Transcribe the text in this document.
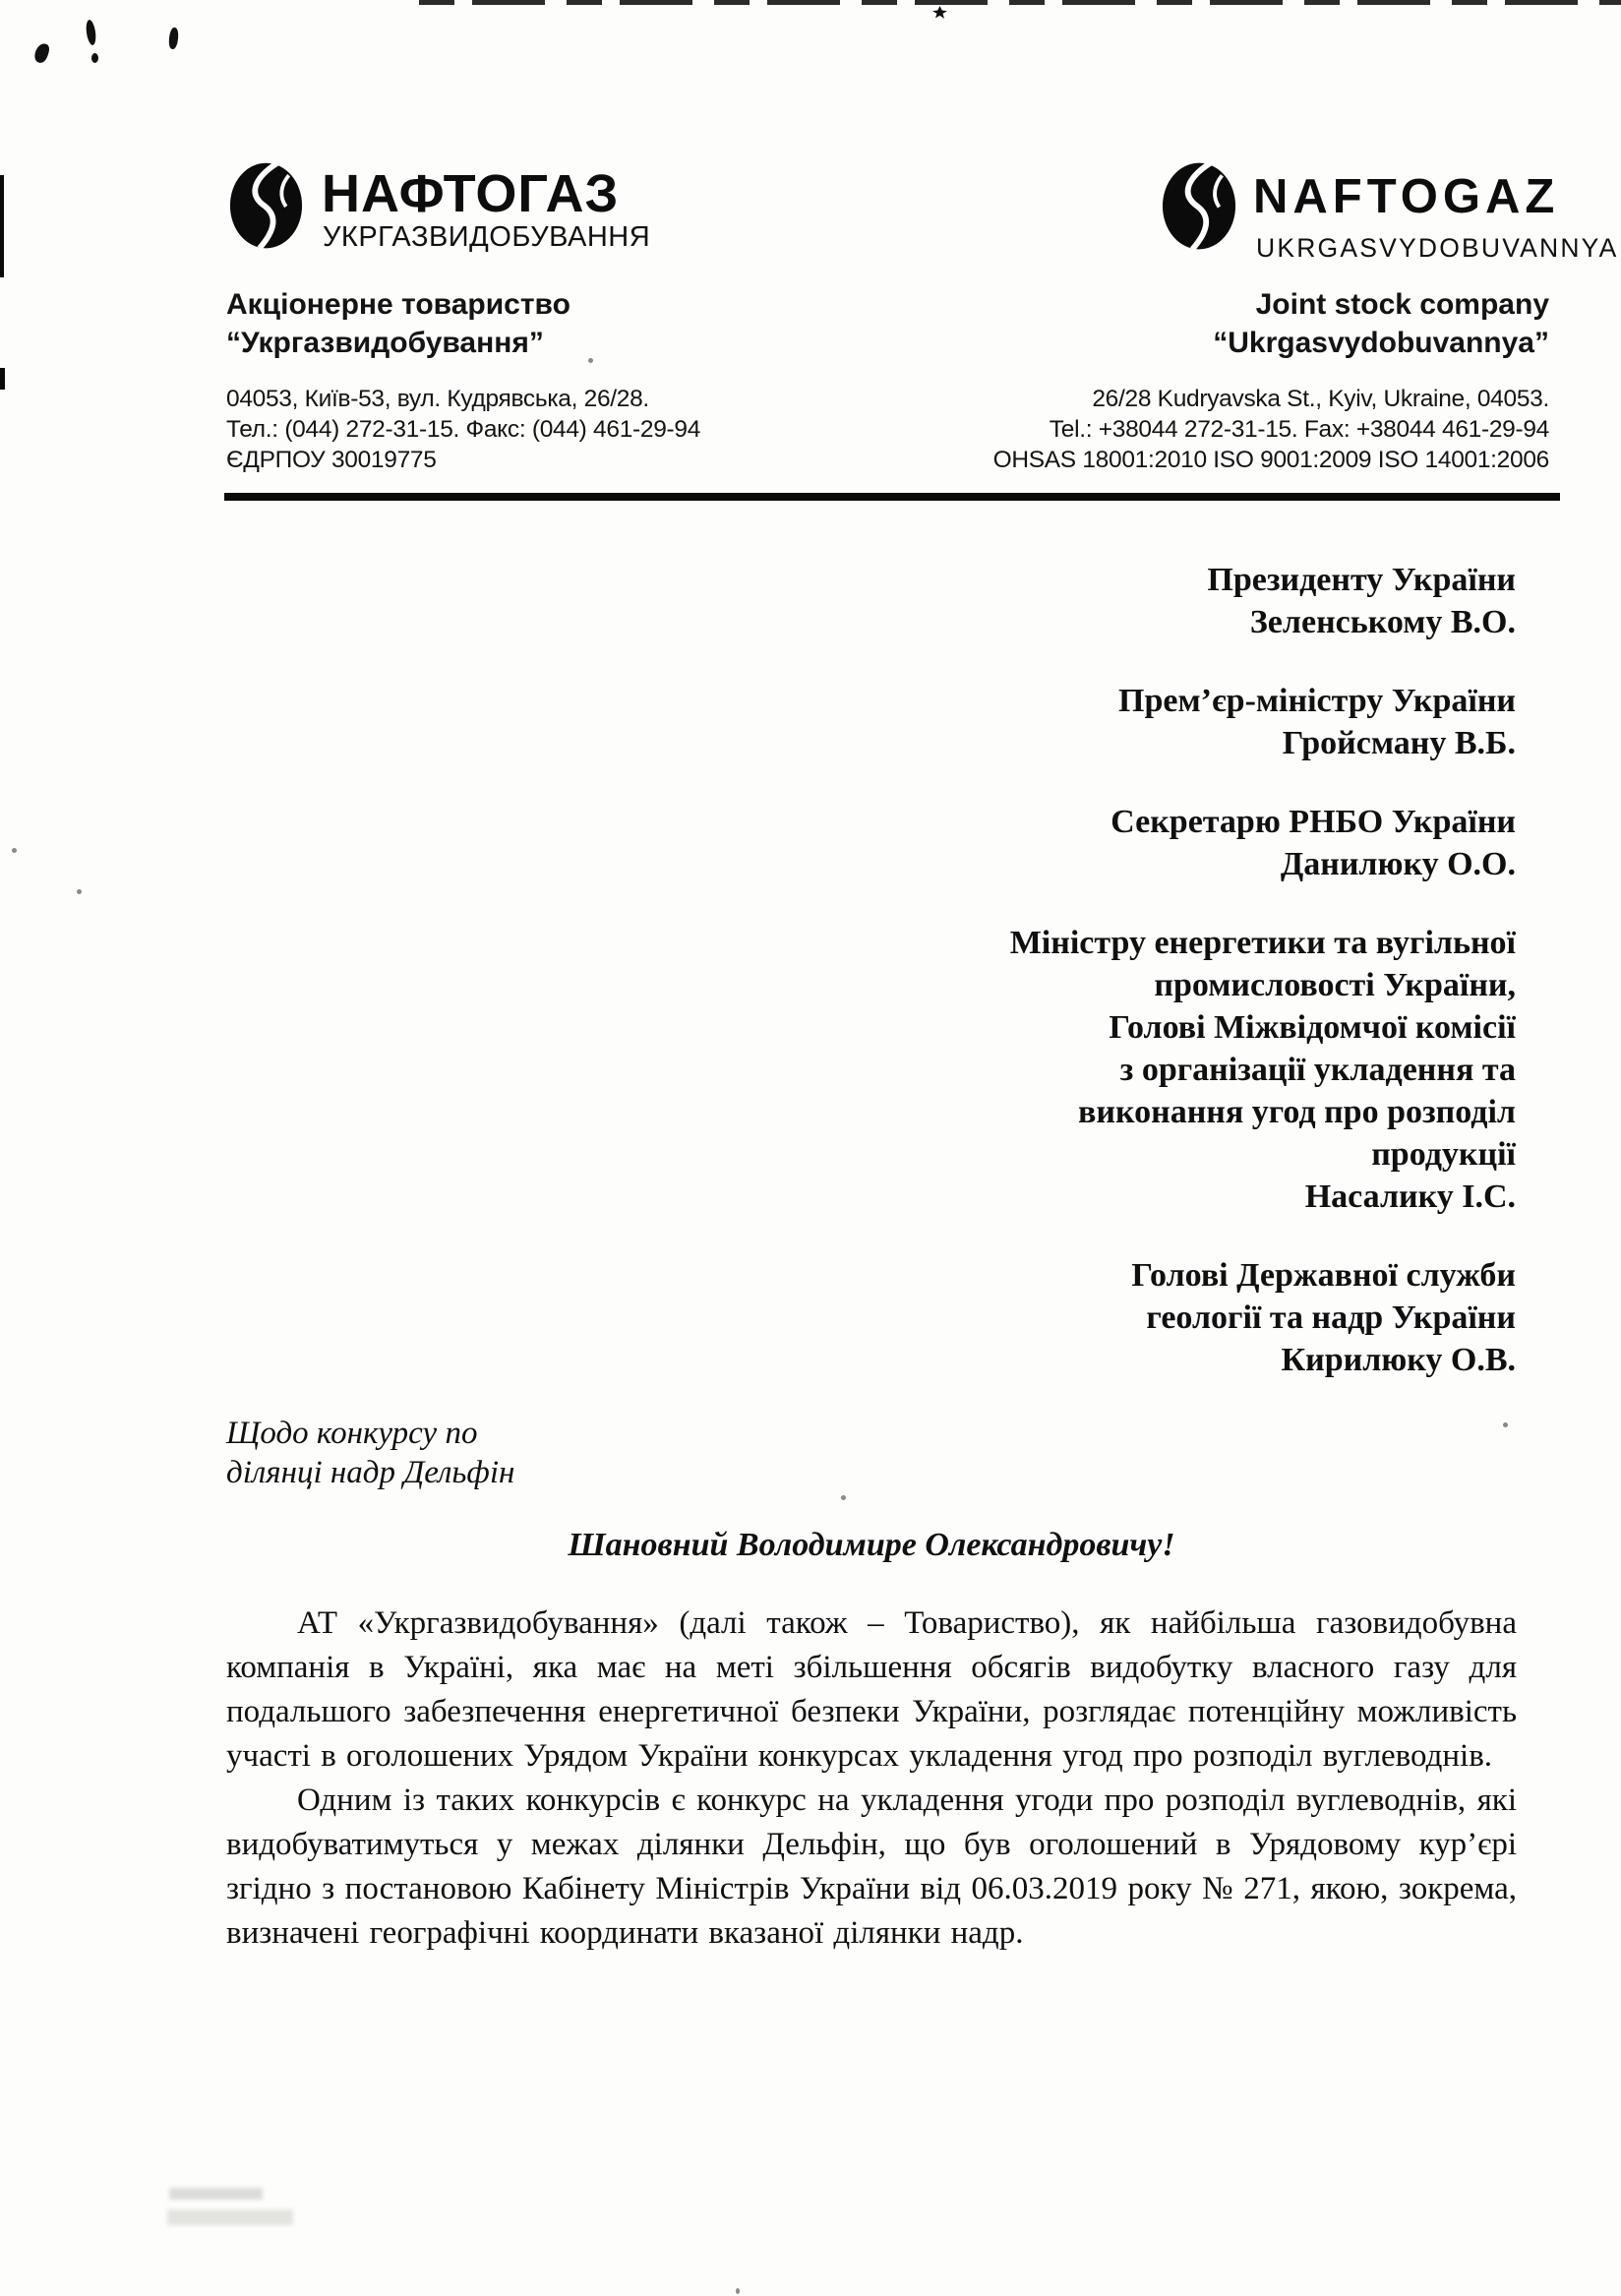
НАФТОГАЗ
УКРГАЗВИДОБУВАННЯ
NAFTOGAZ
UKRGASVYDOBUVANNYA
Акціонерне товариство
“Укргазвидобування”
04053, Київ-53, вул. Кудрявська, 26/28.
Тел.: (044) 272-31-15. Факс: (044) 461-29-94
ЄДРПОУ 30019775
Joint stock company
“Ukrgasvydobuvannya”
26/28 Kudryavska St., Kyiv, Ukraine, 04053.
Tel.: +38044 272-31-15. Fax: +38044 461-29-94
OHSAS 18001:2010 ISO 9001:2009 ISO 14001:2006
Президенту України
Зеленському В.О.
Прем’єр-міністру України
Гройсману В.Б.
Секретарю РНБО України
Данилюку О.О.
Міністру енергетики та вугільної
промисловості України,
Голові Міжвідомчої комісії
з організації укладення та
виконання угод про розподіл
продукції
Насалику І.С.
Голові Державної служби
геології та надр України
Кирилюку О.В.
Щодо конкурсу по
ділянці надр Дельфін
Шановний Володимире Олександровичу!

АТ «Укргазвидобування» (далі також – Товариство), як найбільша газовидобувна компанія в Україні, яка має на меті збільшення обсягів видобутку власного газу для подальшого забезпечення енергетичної безпеки України, розглядає потенційну можливість участі в оголошених Урядом України конкурсах укладення угод про розподіл вуглеводнів.

Одним із таких конкурсів є конкурс на укладення угоди про розподіл вуглеводнів, які видобуватимуться у межах ділянки Дельфін, що був оголошений в Урядовому кур’єрі згідно з постановою Кабінету Міністрів України від 06.03.2019 року № 271, якою, зокрема, визначені географічні координати вказаної ділянки надр.
